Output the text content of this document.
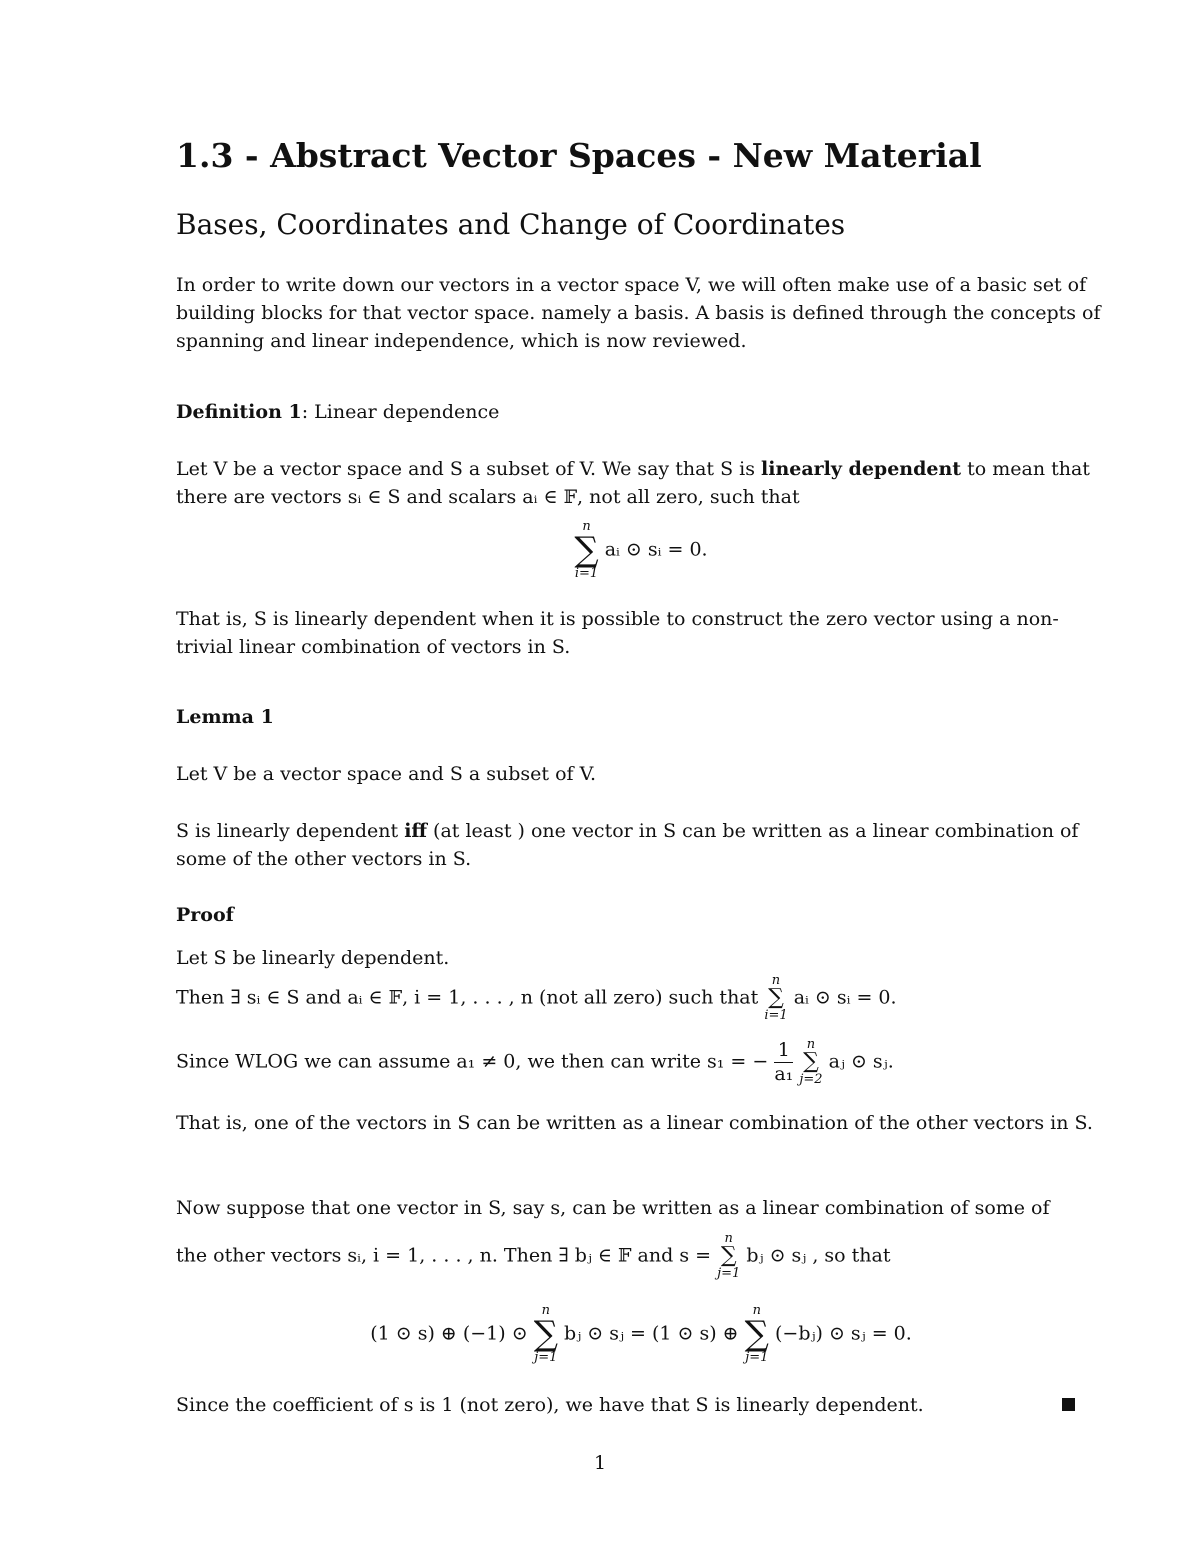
1.3 - Abstract Vector Spaces - New Material
Bases, Coordinates and Change of Coordinates
In order to write down our vectors in a vector space V, we will often make use of a basic set of building blocks for that vector space. namely a basis. A basis is defined through the concepts of spanning and linear independence, which is now reviewed.
Definition 1: Linear dependence
Let V be a vector space and S a subset of V. We say that S is linearly dependent to mean that there are vectors sᵢ ∈ S and scalars aᵢ ∈ 𝔽, not all zero, such that
n
∑
i=1
aᵢ ⊙ sᵢ = 0.
That is, S is linearly dependent when it is possible to construct the zero vector using a non-trivial linear combination of vectors in S.
Lemma 1
Let V be a vector space and S a subset of V.
S is linearly dependent iff (at least ) one vector in S can be written as a linear combination of some of the other vectors in S.
Proof
Let S be linearly dependent.
Then ∃ sᵢ ∈ S and aᵢ ∈ 𝔽, i = 1, . . . , n (not all zero) such that
n
∑
i=1
aᵢ ⊙ sᵢ = 0.
Since WLOG we can assume a₁ ≠ 0, we then can write s₁ = − $\frac{1}{\text{a₁}}$
	n
∑
j=2
aⱼ ⊙ sⱼ.
That is, one of the vectors in S can be written as a linear combination of the other vectors in S.
Now suppose that one vector in S, say s, can be written as a linear combination of some of
the other vectors sᵢ, i = 1, . . . , n. Then ∃ bⱼ ∈ 𝔽 and s =
n
∑
j=1
bⱼ ⊙ sⱼ , so that
(1 ⊙ s) ⊕ (−1) ⊙
n
∑
j=1
bⱼ ⊙ sⱼ = (1 ⊙ s) ⊕
n
∑
j=1
(−bⱼ) ⊙ sⱼ = 0.
Since the coefficient of s is 1 (not zero), we have that S is linearly dependent.
1
